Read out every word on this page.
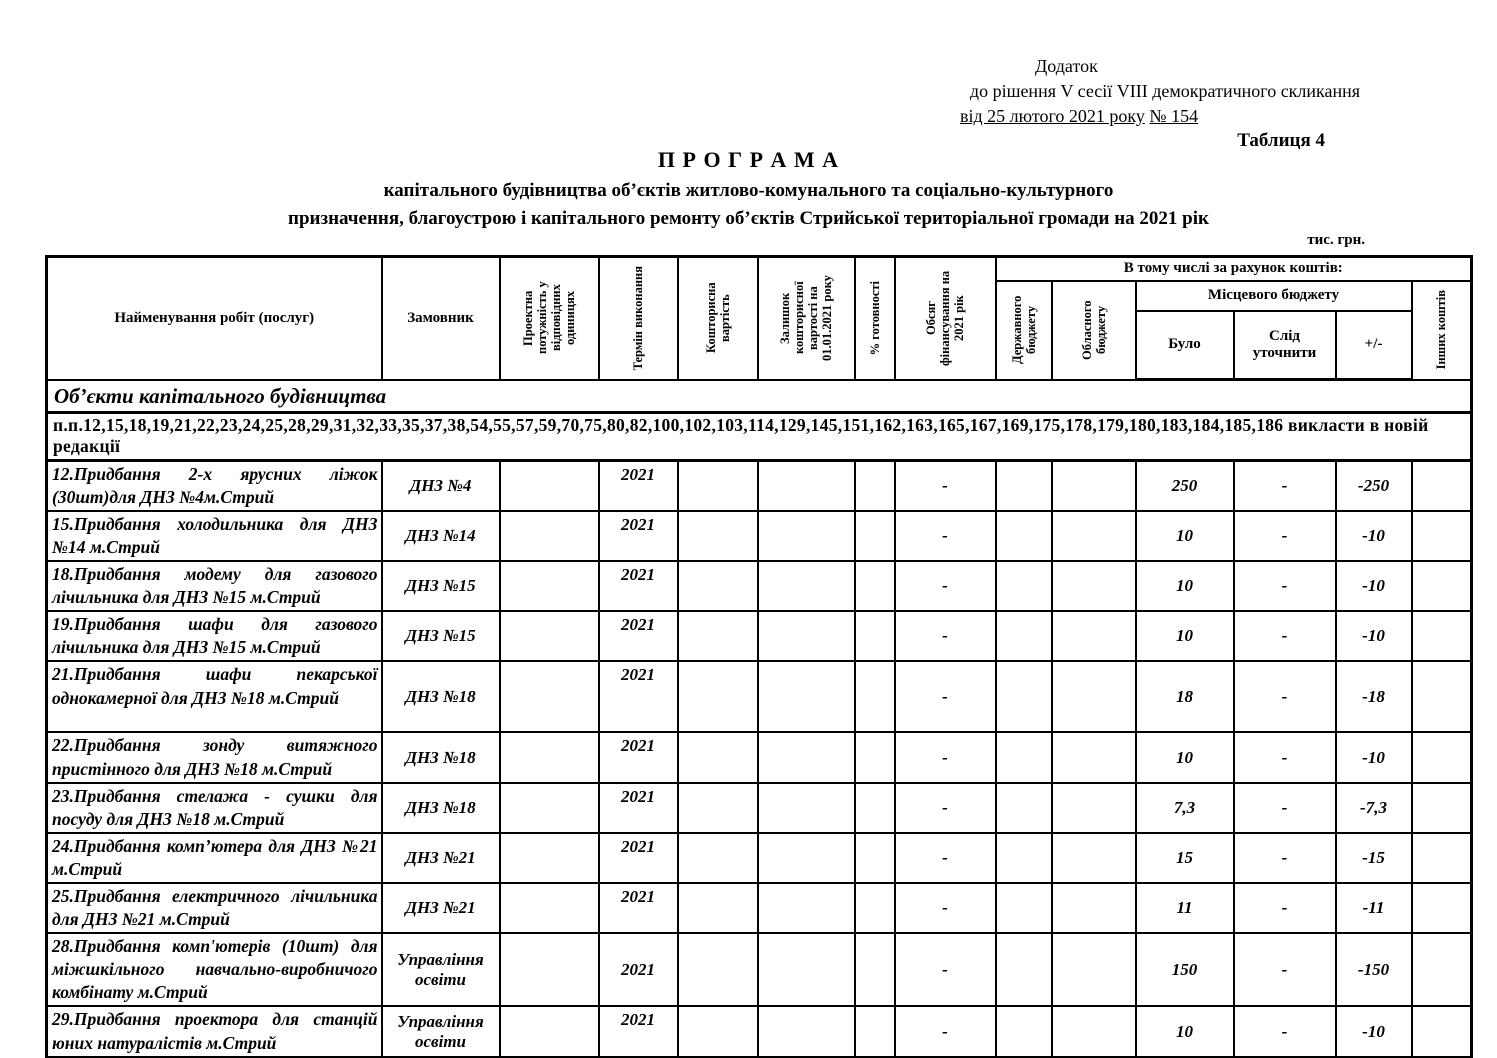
Додаток
до рішення V сесії VIII демократичного скликання
від 25 лютого 2021 року № 154
Таблиця 4
П Р О Г Р А М А
капітального будівництва об’єктів житлово-комунального та соціально-культурного
призначення, благоустрою і капітального ремонту об’єктів Стрийської територіальної громади на 2021 рік
тис. грн.
Найменування робіт (послуг)	Замовник	Проектна потужність у відповідних одиницях	Термін виконання	Кошторисна вартість	Залишок кошторисної вартості на 01.01.2021 року	% готовності	Обсяг фінансування на 2021 рік	В тому числі за рахунок коштів:					

								Державного бюджету	Обласного бюджету	Місцевого бюджету			Інших коштів

										Було	Слід уточнити	+/-	
Об’єкти капітального будівництва													
п.п.12,15,18,19,21,22,23,24,25,28,29,31,32,33,35,37,38,54,55,57,59,70,75,80,82,100,102,103,114,129,145,151,162,163,165,167,169,175,178,179,180,183,184,185,186 викласти в новій редакції													
12.Придбання 2-х ярусних ліжок (30шт)для ДНЗ №4м.Стрий	ДНЗ №4		2021				-			250	-	-250	
15.Придбання холодильника для ДНЗ №14 м.Стрий	ДНЗ №14		2021				-			10	-	-10	
18.Придбання модему для газового лічильника для ДНЗ №15 м.Стрий	ДНЗ №15		2021				-			10	-	-10	
19.Придбання шафи для газового лічильника для ДНЗ №15 м.Стрий	ДНЗ №15		2021				-			10	-	-10	
21.Придбання шафи пекарської однокамерної для ДНЗ №18 м.Стрий	ДНЗ №18		2021				-			18	-	-18	
22.Придбання зонду витяжного пристінного для ДНЗ №18 м.Стрий	ДНЗ №18		2021				-			10	-	-10	
23.Придбання стелажа - сушки для посуду для ДНЗ №18 м.Стрий	ДНЗ №18		2021				-			7,3	-	-7,3	
24.Придбання комп’ютера для ДНЗ №21 м.Стрий	ДНЗ №21		2021				-			15	-	-15	
25.Придбання електричного лічильника для ДНЗ №21 м.Стрий	ДНЗ №21		2021				-			11	-	-11	
28.Придбання комп'ютерів (10шт) для міжшкільного навчально-виробничого комбінату м.Стрий	Управління освіти		2021				-			150	-	-150	
29.Придбання проектора для станцій юних натуралістів м.Стрий	Управління освіти		2021				-			10	-	-10	
